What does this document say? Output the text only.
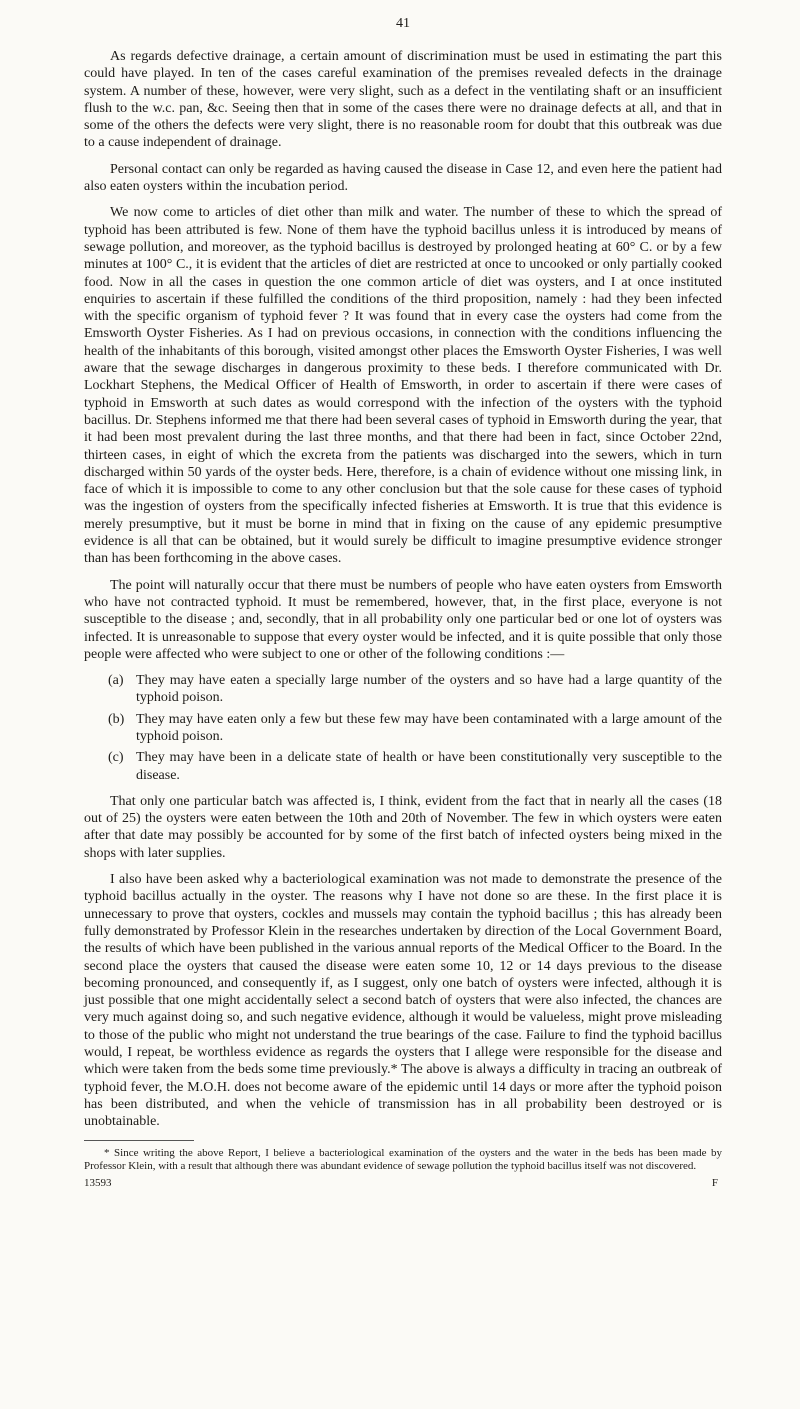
41

As regards defective drainage, a certain amount of discrimination must be used in estimating the part this could have played. In ten of the cases careful examination of the premises revealed defects in the drainage system. A number of these, however, were very slight, such as a defect in the ventilating shaft or an insufficient flush to the w.c. pan, &c. Seeing then that in some of the cases there were no drainage defects at all, and that in some of the others the defects were very slight, there is no reasonable room for doubt that this outbreak was due to a cause independent of drainage.

Personal contact can only be regarded as having caused the disease in Case 12, and even here the patient had also eaten oysters within the incubation period.

We now come to articles of diet other than milk and water. The number of these to which the spread of typhoid has been attributed is few. None of them have the typhoid bacillus unless it is introduced by means of sewage pollution, and moreover, as the typhoid bacillus is destroyed by prolonged heating at 60° C. or by a few minutes at 100° C., it is evident that the articles of diet are restricted at once to uncooked or only partially cooked food. Now in all the cases in question the one common article of diet was oysters, and I at once instituted enquiries to ascertain if these fulfilled the conditions of the third proposition, namely : had they been infected with the specific organism of typhoid fever ? It was found that in every case the oysters had come from the Emsworth Oyster Fisheries. As I had on previous occasions, in connection with the conditions influencing the health of the inhabitants of this borough, visited amongst other places the Emsworth Oyster Fisheries, I was well aware that the sewage discharges in dangerous proximity to these beds. I therefore communicated with Dr. Lockhart Stephens, the Medical Officer of Health of Emsworth, in order to ascertain if there were cases of typhoid in Emsworth at such dates as would correspond with the infection of the oysters with the typhoid bacillus. Dr. Stephens informed me that there had been several cases of typhoid in Emsworth during the year, that it had been most prevalent during the last three months, and that there had been in fact, since October 22nd, thirteen cases, in eight of which the excreta from the patients was discharged into the sewers, which in turn discharged within 50 yards of the oyster beds. Here, therefore, is a chain of evidence without one missing link, in face of which it is impossible to come to any other conclusion but that the sole cause for these cases of typhoid was the ingestion of oysters from the specifically infected fisheries at Emsworth. It is true that this evidence is merely presumptive, but it must be borne in mind that in fixing on the cause of any epidemic presumptive evidence is all that can be obtained, but it would surely be difficult to imagine presumptive evidence stronger than has been forthcoming in the above cases.

The point will naturally occur that there must be numbers of people who have eaten oysters from Emsworth who have not contracted typhoid. It must be remembered, however, that, in the first place, everyone is not susceptible to the disease ; and, secondly, that in all probability only one particular bed or one lot of oysters was infected. It is unreasonable to suppose that every oyster would be infected, and it is quite possible that only those people were affected who were subject to one or other of the following conditions :—

(a) They may have eaten a specially large number of the oysters and so have had a large quantity of the typhoid poison.
(b) They may have eaten only a few but these few may have been contaminated with a large amount of the typhoid poison.
(c) They may have been in a delicate state of health or have been constitutionally very susceptible to the disease.

That only one particular batch was affected is, I think, evident from the fact that in nearly all the cases (18 out of 25) the oysters were eaten between the 10th and 20th of November. The few in which oysters were eaten after that date may possibly be accounted for by some of the first batch of infected oysters being mixed in the shops with later supplies.

I also have been asked why a bacteriological examination was not made to demonstrate the presence of the typhoid bacillus actually in the oyster. The reasons why I have not done so are these. In the first place it is unnecessary to prove that oysters, cockles and mussels may contain the typhoid bacillus ; this has already been fully demonstrated by Professor Klein in the researches undertaken by direction of the Local Government Board, the results of which have been published in the various annual reports of the Medical Officer to the Board. In the second place the oysters that caused the disease were eaten some 10, 12 or 14 days previous to the disease becoming pronounced, and consequently if, as I suggest, only one batch of oysters were infected, although it is just possible that one might accidentally select a second batch of oysters that were also infected, the chances are very much against doing so, and such negative evidence, although it would be valueless, might prove misleading to those of the public who might not understand the true bearings of the case. Failure to find the typhoid bacillus would, I repeat, be worthless evidence as regards the oysters that I allege were responsible for the disease and which were taken from the beds some time previously.* The above is always a difficulty in tracing an outbreak of typhoid fever, the M.O.H. does not become aware of the epidemic until 14 days or more after the typhoid poison has been distributed, and when the vehicle of transmission has in all probability been destroyed or is unobtainable.

* Since writing the above Report, I believe a bacteriological examination of the oysters and the water in the beds has been made by Professor Klein, with a result that although there was abundant evidence of sewage pollution the typhoid bacillus itself was not discovered.

13593	F
